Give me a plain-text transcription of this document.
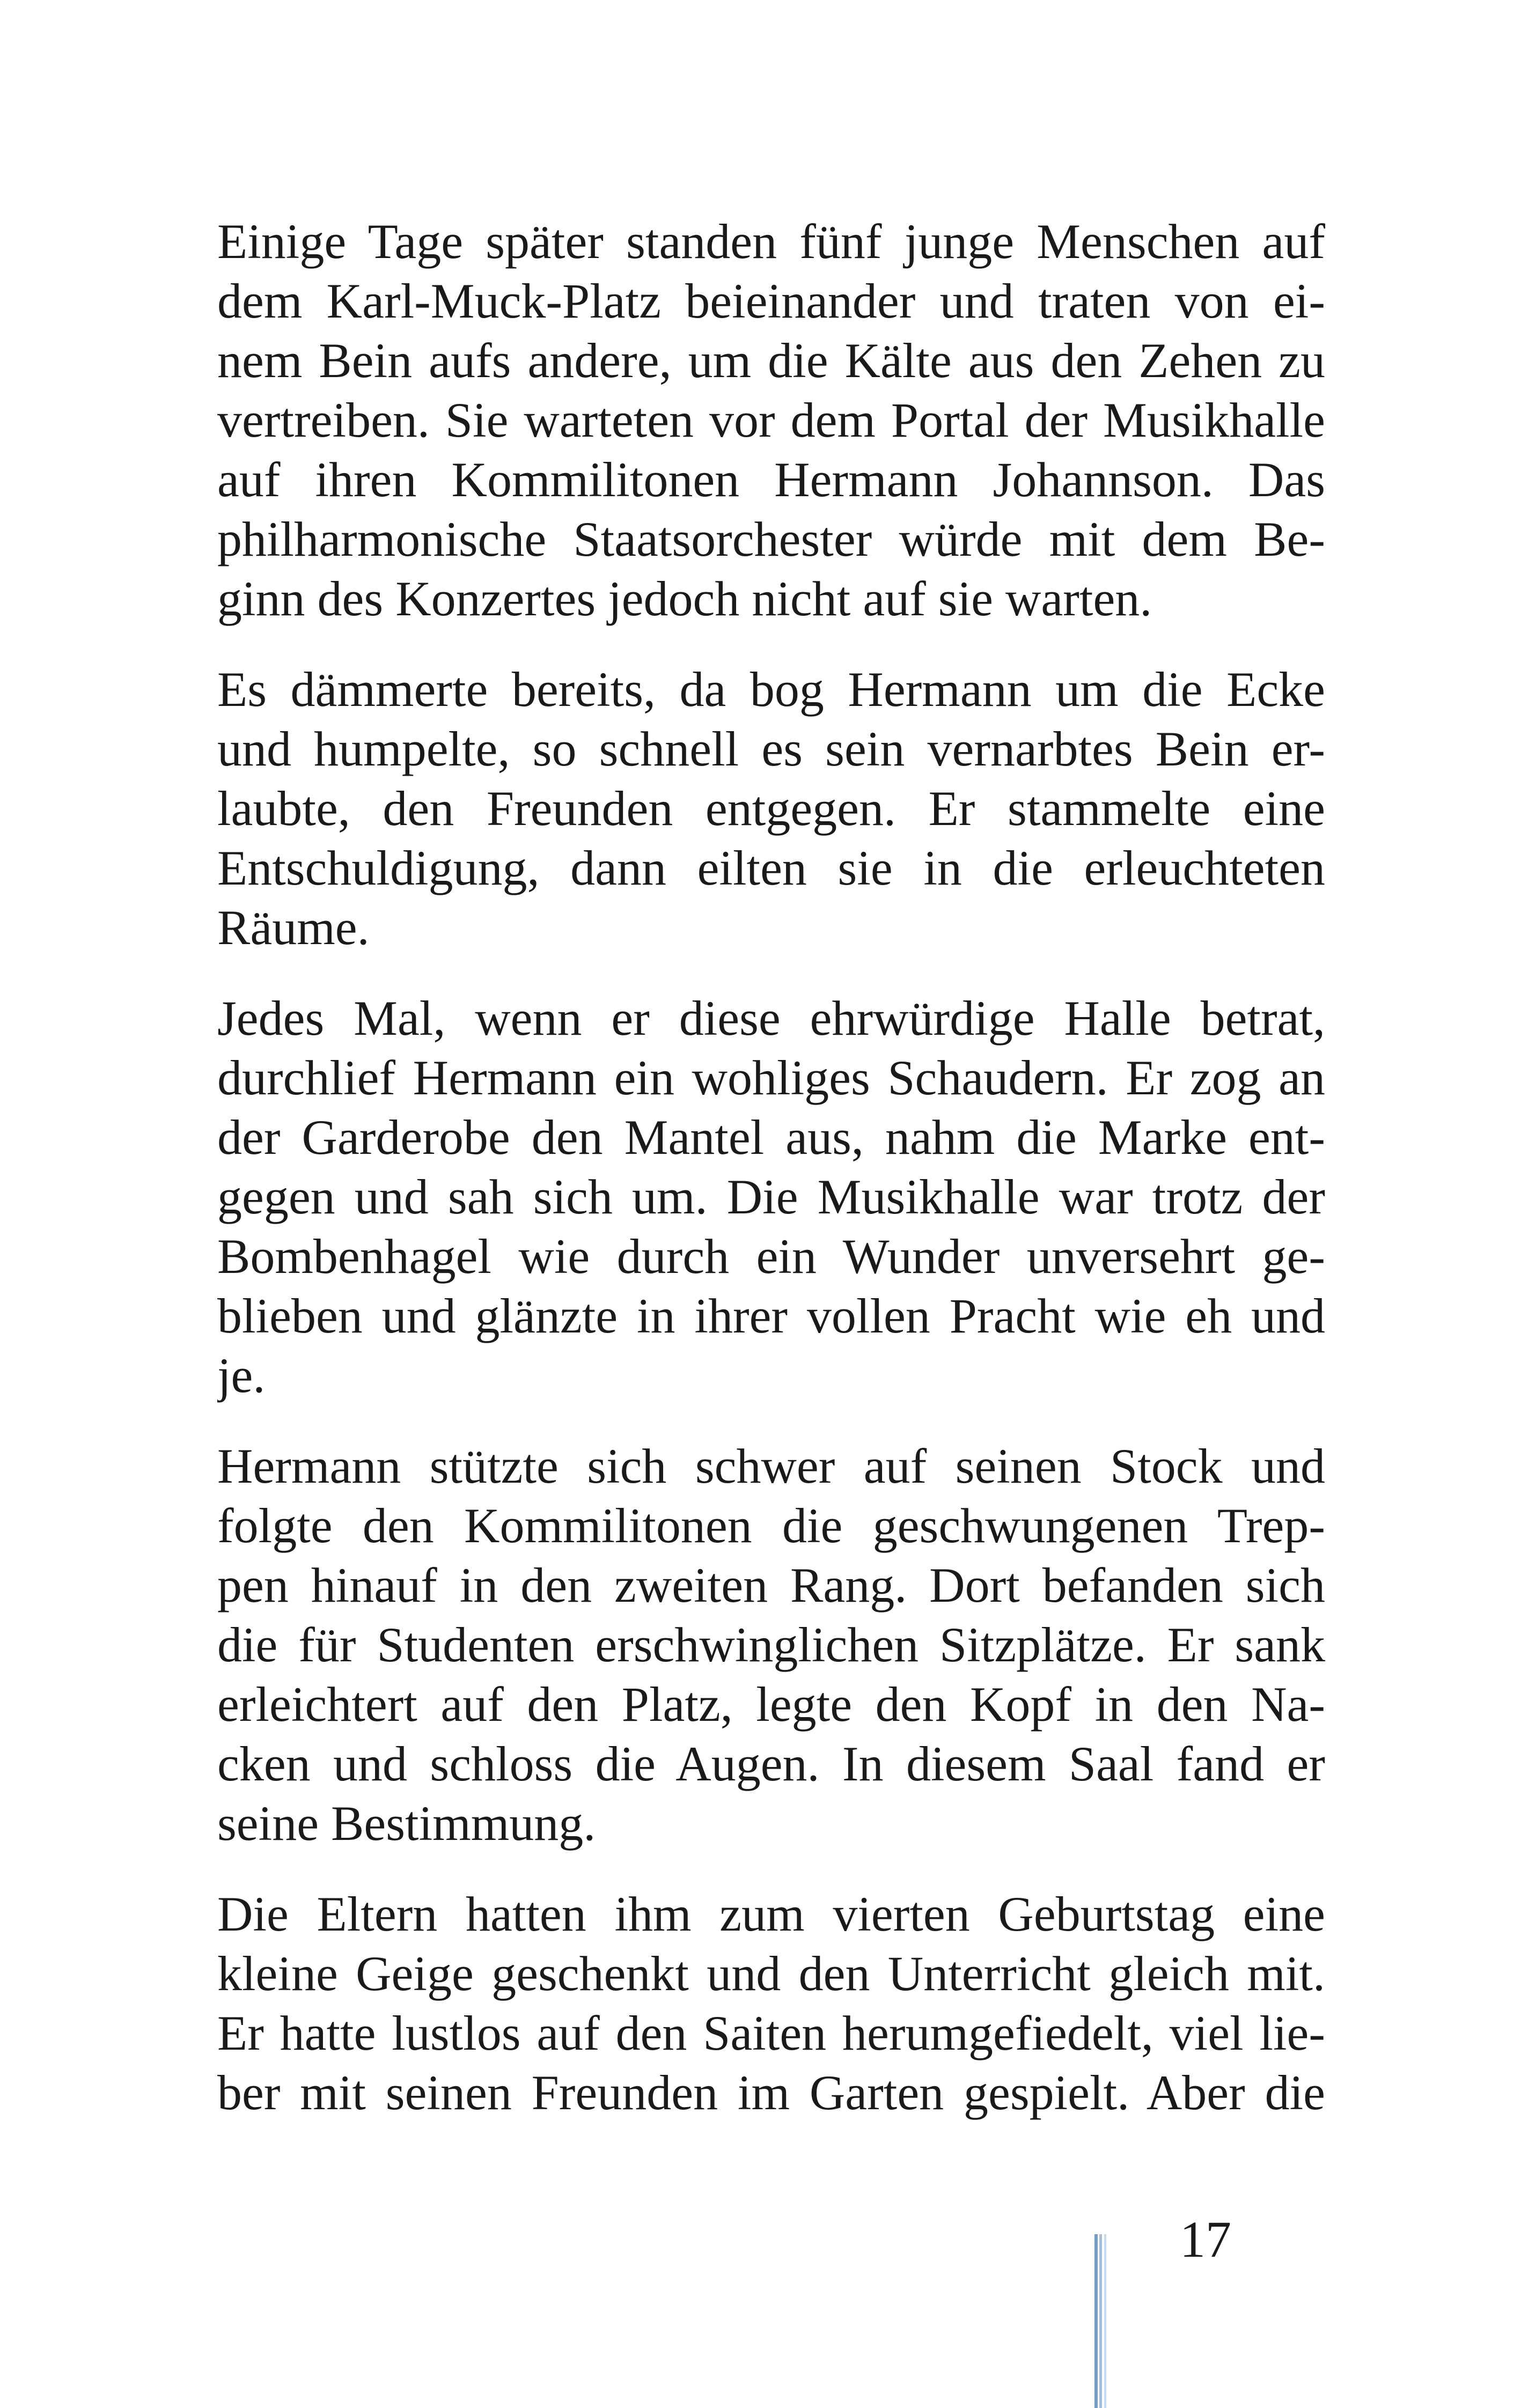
Einige Tage später standen fünf junge Menschen auf
dem Karl-Muck-Platz beieinander und traten von ei-
nem Bein aufs andere, um die Kälte aus den Zehen zu
vertreiben. Sie warteten vor dem Portal der Musikhalle
auf ihren Kommilitonen Hermann Johannson. Das
philharmonische Staatsorchester würde mit dem Be-
ginn des Konzertes jedoch nicht auf sie warten.
Es dämmerte bereits, da bog Hermann um die Ecke
und humpelte, so schnell es sein vernarbtes Bein er-
laubte, den Freunden entgegen. Er stammelte eine
Entschuldigung, dann eilten sie in die erleuchteten
Räume.
Jedes Mal, wenn er diese ehrwürdige Halle betrat,
durchlief Hermann ein wohliges Schaudern. Er zog an
der Garderobe den Mantel aus, nahm die Marke ent-
gegen und sah sich um. Die Musikhalle war trotz der
Bombenhagel wie durch ein Wunder unversehrt ge-
blieben und glänzte in ihrer vollen Pracht wie eh und
je.
Hermann stützte sich schwer auf seinen Stock und
folgte den Kommilitonen die geschwungenen Trep-
pen hinauf in den zweiten Rang. Dort befanden sich
die für Studenten erschwinglichen Sitzplätze. Er sank
erleichtert auf den Platz, legte den Kopf in den Na-
cken und schloss die Augen. In diesem Saal fand er
seine Bestimmung.
Die Eltern hatten ihm zum vierten Geburtstag eine
kleine Geige geschenkt und den Unterricht gleich mit.
Er hatte lustlos auf den Saiten herumgefiedelt, viel lie-
ber mit seinen Freunden im Garten gespielt. Aber die
17
